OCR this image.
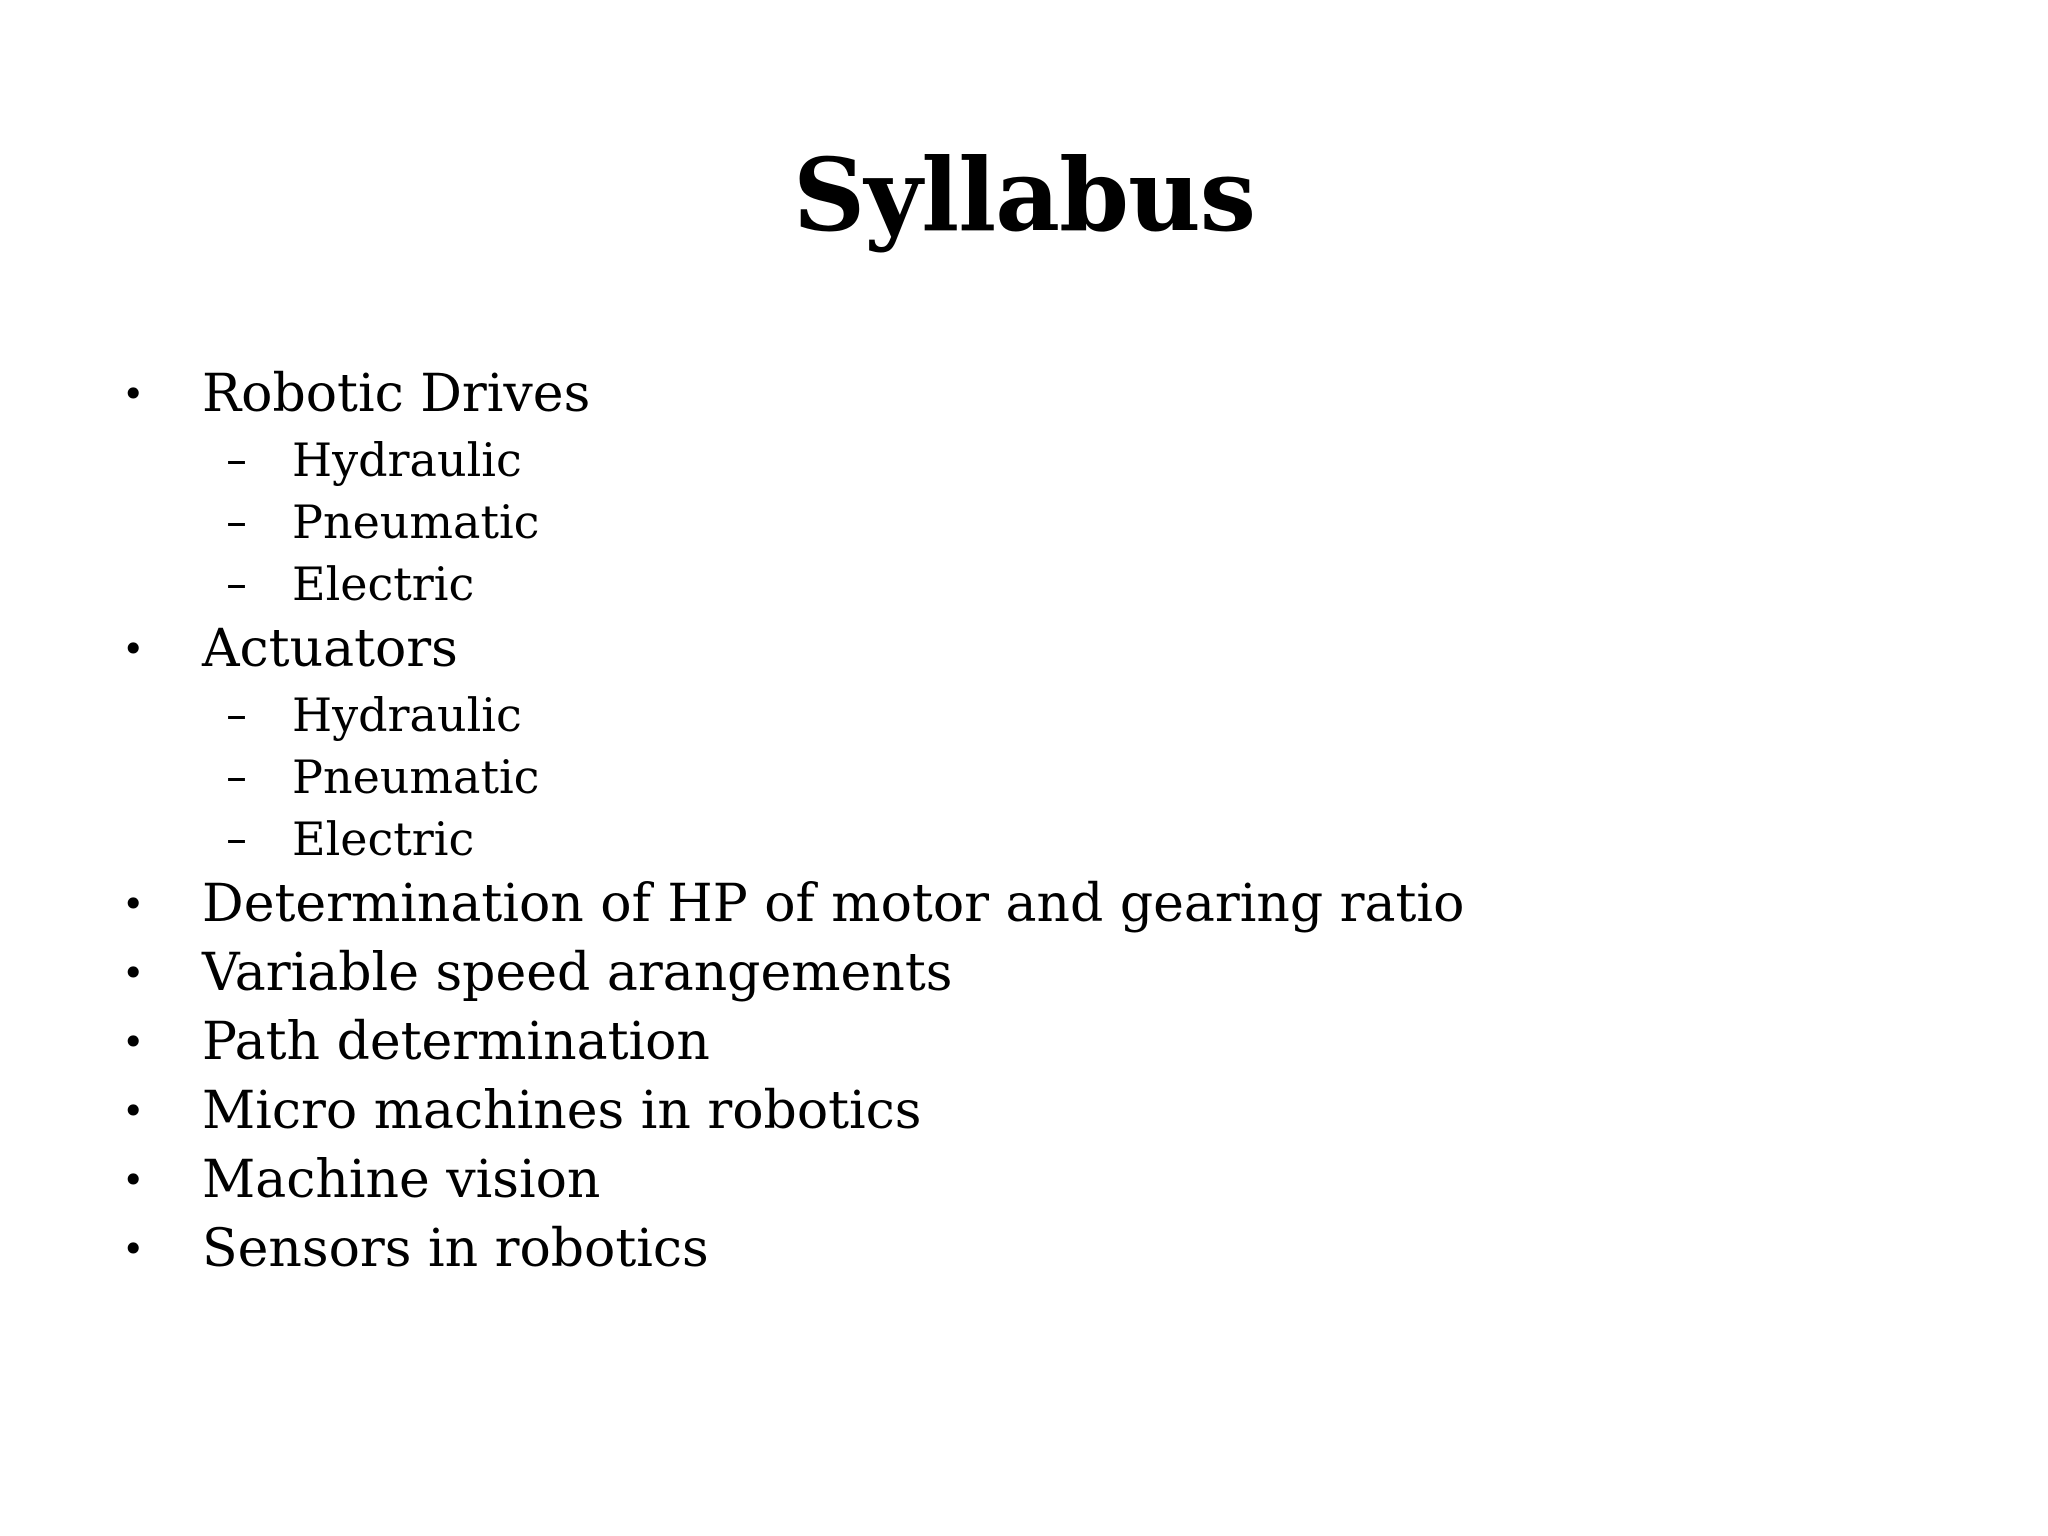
Syllabus
• Robotic Drives
– Hydraulic
– Pneumatic
– Electric
• Actuators
– Hydraulic
– Pneumatic
– Electric
• Determination of HP of motor and gearing ratio
• Variable speed arangements
• Path determination
• Micro machines in robotics
• Machine vision
• Sensors in robotics
